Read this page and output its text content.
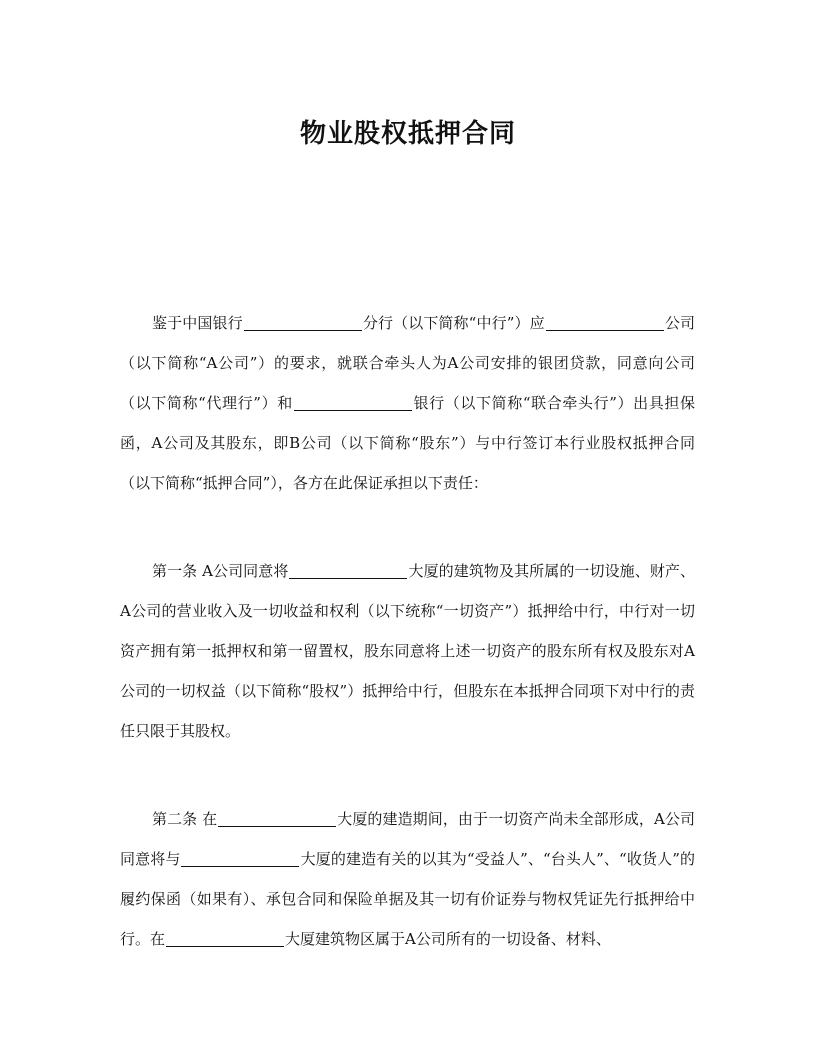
物业股权抵押合同

鉴于中国银行	分行（以下简称“中行”）应	公司（以下简称“A公司”）的要求，就联合牵头人为A公司安排的银团贷款，同意向公司（以下简称“代理行”）和	银行（以下简称“联合牵头行”）出具担保函，A公司及其股东，即B公司（以下简称“股东”）与中行签订本行业股权抵押合同（以下简称“抵押合同”），各方在此保证承担以下责任：

第一条 A公司同意将	大厦的建筑物及其所属的一切设施、财产、A公司的营业收入及一切收益和权利（以下统称“一切资产”）抵押给中行，中行对一切资产拥有第一抵押权和第一留置权，股东同意将上述一切资产的股东所有权及股东对A公司的一切权益（以下简称“股权”）抵押给中行，但股东在本抵押合同项下对中行的责任只限于其股权。

第二条 在	大厦的建造期间，由于一切资产尚未全部形成，A公司同意将与	大厦的建造有关的以其为“受益人”、“台头人”、“收货人”的履约保函（如果有）、承包合同和保险单据及其一切有价证券与物权凭证先行抵押给中行。在	大厦建筑物区属于A公司所有的一切设备、材料、
